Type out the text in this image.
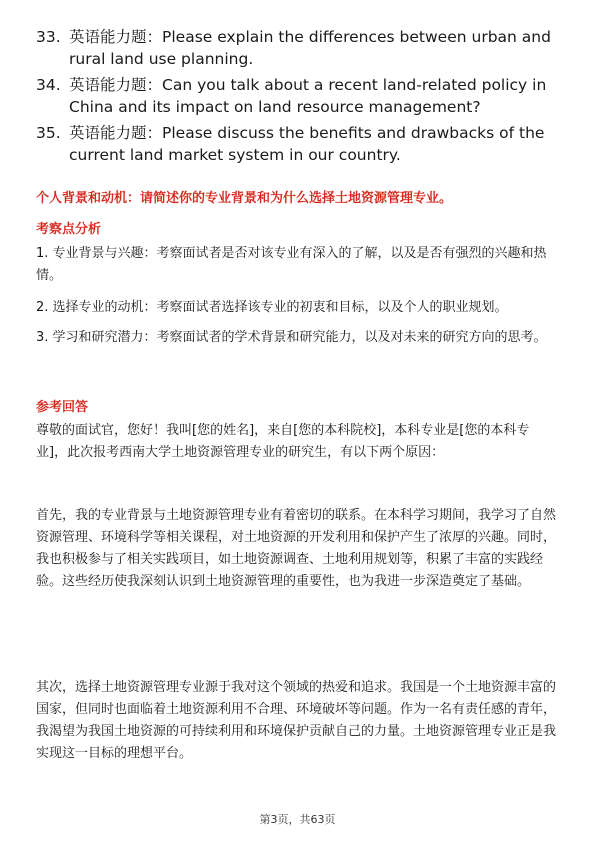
33. 英语能力题：Please explain the differences between urban and rural land use planning.
34. 英语能力题：Can you talk about a recent land-related policy in China and its impact on land resource management?
35. 英语能力题：Please discuss the benefits and drawbacks of the current land market system in our country.
个人背景和动机：请简述你的专业背景和为什么选择土地资源管理专业。
考察点分析

1. 专业背景与兴趣：考察面试者是否对该专业有深入的了解，以及是否有强烈的兴趣和热情。

2. 选择专业的动机：考察面试者选择该专业的初衷和目标，以及个人的职业规划。

3. 学习和研究潜力：考察面试者的学术背景和研究能力，以及对未来的研究方向的思考。

参考回答

尊敬的面试官，您好！我叫[您的姓名]，来自[您的本科院校]，本科专业是[您的本科专业]，此次报考西南大学土地资源管理专业的研究生，有以下两个原因：

首先，我的专业背景与土地资源管理专业有着密切的联系。在本科学习期间，我学习了自然资源管理、环境科学等相关课程，对土地资源的开发利用和保护产生了浓厚的兴趣。同时，我也积极参与了相关实践项目，如土地资源调查、土地利用规划等，积累了丰富的实践经验。这些经历使我深刻认识到土地资源管理的重要性，也为我进一步深造奠定了基础。

其次，选择土地资源管理专业源于我对这个领域的热爱和追求。我国是一个土地资源丰富的国家，但同时也面临着土地资源利用不合理、环境破坏等问题。作为一名有责任感的青年，我渴望为我国土地资源的可持续利用和环境保护贡献自己的力量。土地资源管理专业正是我实现这一目标的理想平台。

第3页，共63页
